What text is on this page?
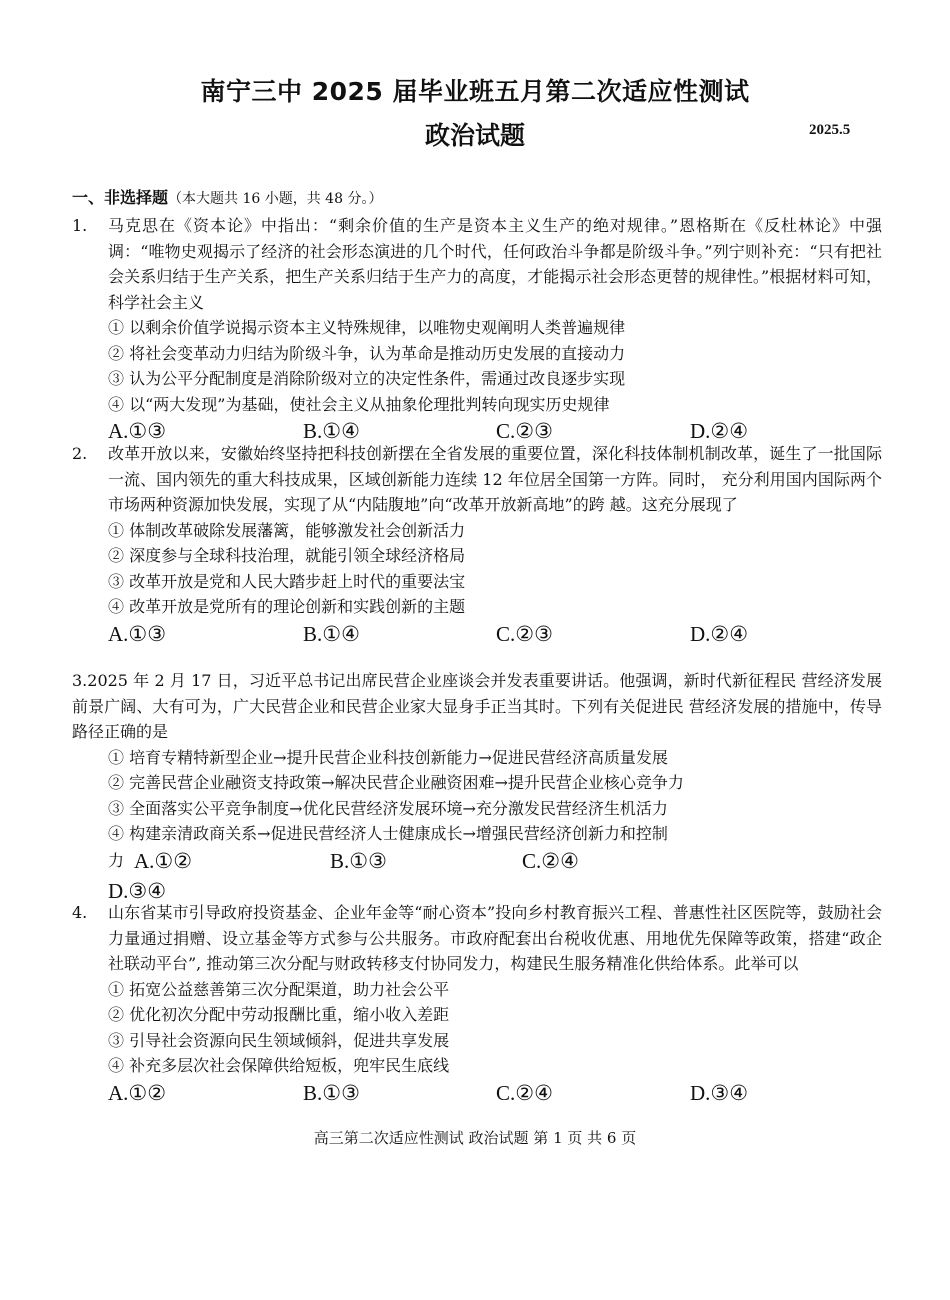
南宁三中 2025 届毕业班五月第二次适应性测试
政治试题	2025.5
一、非选择题（本大题共 16 小题，共 48 分。）
1. 马克思在《资本论》中指出：“剩余价值的生产是资本主义生产的绝对规律。”恩格斯在《反杜林论》中强调：“唯物史观揭示了经济的社会形态演进的几个时代，任何政治斗争都是阶级斗争。”列宁则补充：“只有把社会关系归结于生产关系，把生产关系归结于生产力的高度，才能揭示社会形态更替的规律性。”根据材料可知，科学社会主义
① 以剩余价值学说揭示资本主义特殊规律，以唯物史观阐明人类普遍规律
② 将社会变革动力归结为阶级斗争，认为革命是推动历史发展的直接动力
③ 认为公平分配制度是消除阶级对立的决定性条件，需通过改良逐步实现
④ 以“两大发现”为基础，使社会主义从抽象伦理批判转向现实历史规律
A.①③	B.①④	C.②③	D.②④
2. 改革开放以来，安徽始终坚持把科技创新摆在全省发展的重要位置，深化科技体制机制改革，诞生了一批国际一流、国内领先的重大科技成果，区域创新能力连续 12 年位居全国第一方阵。同时， 充分利用国内国际两个市场两种资源加快发展，实现了从“内陆腹地”向“改革开放新高地”的跨 越。这充分展现了
① 体制改革破除发展藩篱，能够激发社会创新活力
② 深度参与全球科技治理，就能引领全球经济格局
③ 改革开放是党和人民大踏步赶上时代的重要法宝
④ 改革开放是党所有的理论创新和实践创新的主题
A.①③	B.①④	C.②③	D.②④
3.2025 年 2 月 17 日，习近平总书记出席民营企业座谈会并发表重要讲话。他强调，新时代新征程民 营经济发展前景广阔、大有可为，广大民营企业和民营企业家大显身手正当其时。下列有关促进民 营经济发展的措施中，传导路径正确的是
① 培育专精特新型企业→提升民营企业科技创新能力→促进民营经济高质量发展
② 完善民营企业融资支持政策→解决民营企业融资困难→提升民营企业核心竞争力
③ 全面落实公平竞争制度→优化民营经济发展环境→充分激发民营经济生机活力
④ 构建亲清政商关系→促进民营经济人士健康成长→增强民营经济创新力和控制
力 A.①②	B.①③	C.②④
D.③④
4. 山东省某市引导政府投资基金、企业年金等“耐心资本”投向乡村教育振兴工程、普惠性社区医院等，鼓励社会力量通过捐赠、设立基金等方式参与公共服务。市政府配套出台税收优惠、用地优先保障等政策，搭建“政企社联动平台”, 推动第三次分配与财政转移支付协同发力，构建民生服务精准化供给体系。此举可以
① 拓宽公益慈善第三次分配渠道，助力社会公平
② 优化初次分配中劳动报酬比重，缩小收入差距
③ 引导社会资源向民生领域倾斜，促进共享发展
④ 补充多层次社会保障供给短板，兜牢民生底线
A.①②	B.①③	C.②④	D.③④
高三第二次适应性测试 政治试题 第 1 页 共 6 页
